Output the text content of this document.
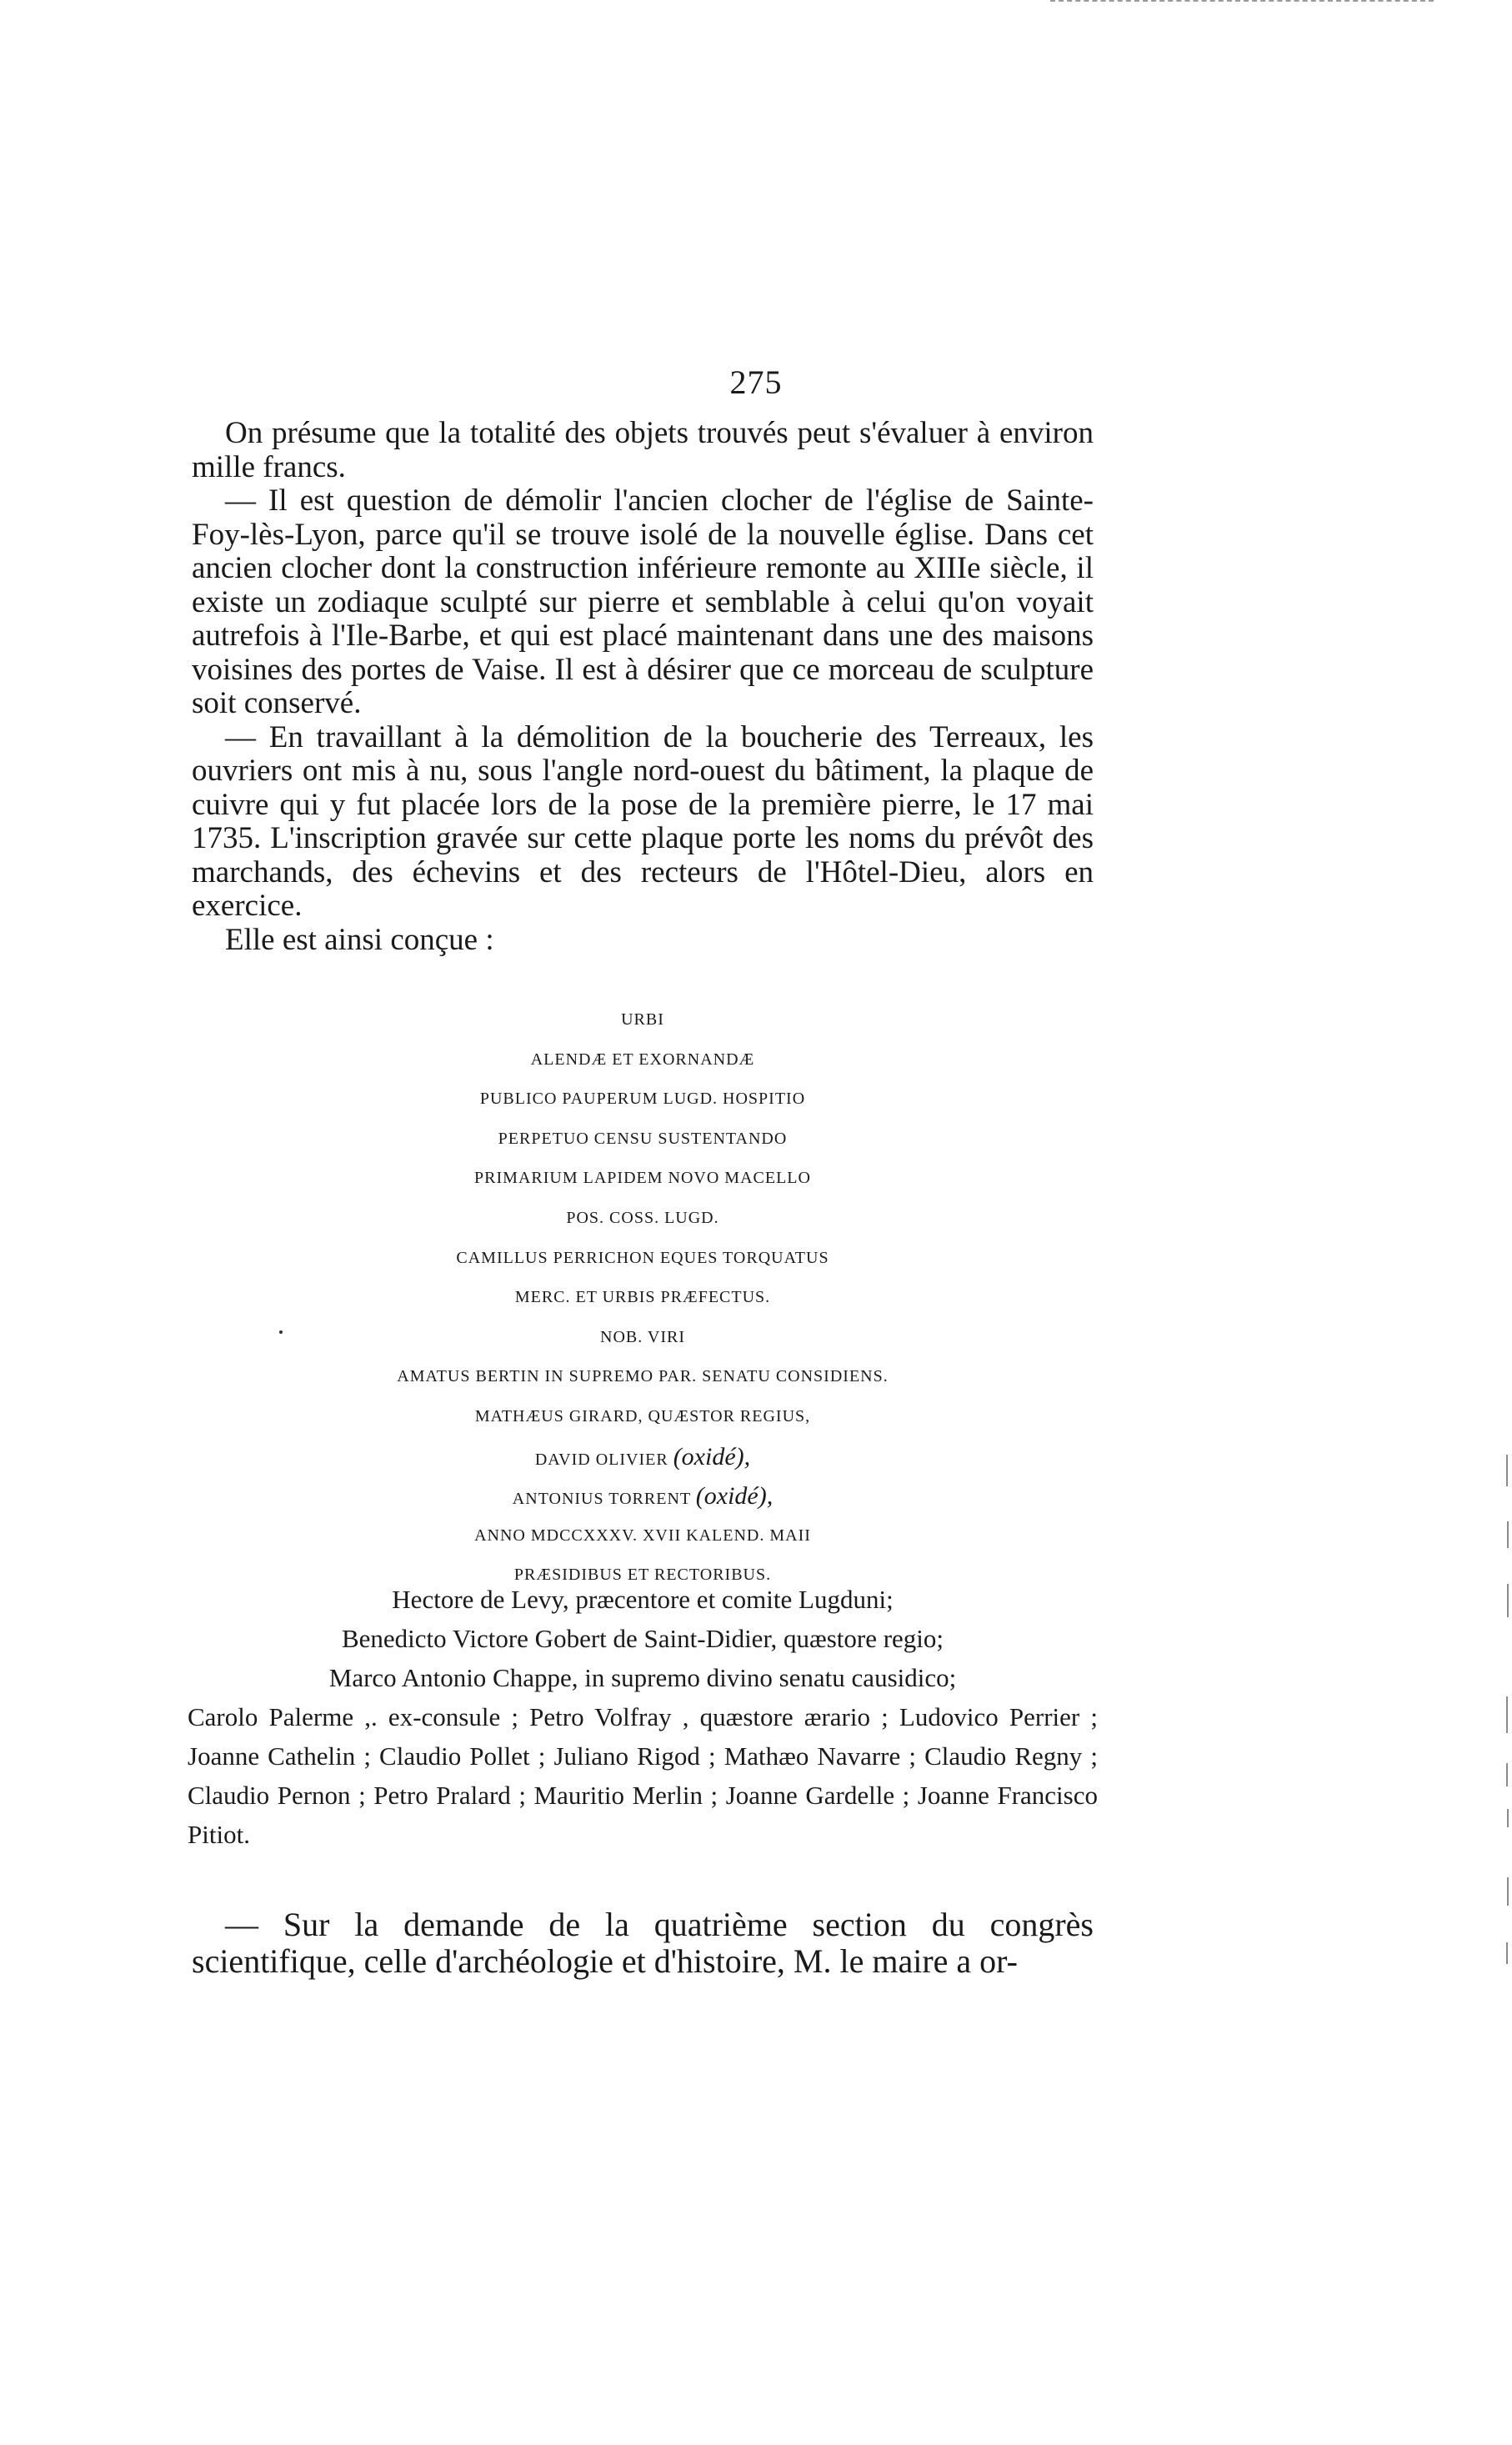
275

On présume que la totalité des objets trouvés peut s'évaluer à environ mille francs.

— Il est question de démolir l'ancien clocher de l'église de Sainte-Foy-lès-Lyon, parce qu'il se trouve isolé de la nouvelle église. Dans cet ancien clocher dont la construction inférieure remonte au XIIIe siècle, il existe un zodiaque sculpté sur pierre et semblable à celui qu'on voyait autrefois à l'Ile-Barbe, et qui est placé maintenant dans une des maisons voisines des portes de Vaise. Il est à désirer que ce morceau de sculpture soit conservé.

— En travaillant à la démolition de la boucherie des Terreaux, les ouvriers ont mis à nu, sous l'angle nord-ouest du bâtiment, la plaque de cuivre qui y fut placée lors de la pose de la première pierre, le 17 mai 1735. L'inscription gravée sur cette plaque porte les noms du prévôt des marchands, des échevins et des recteurs de l'Hôtel-Dieu, alors en exercice.

Elle est ainsi conçue :

URBI
ALENDÆ ET EXORNANDÆ
PUBLICO PAUPERUM LUGD. HOSPITIO
PERPETUO CENSU SUSTENTANDO
PRIMARIUM LAPIDEM NOVO MACELLO
POS. COSS. LUGD.
CAMILLUS PERRICHON EQUES TORQUATUS
MERC. ET URBIS PRÆFECTUS.
NOB. VIRI
AMATUS BERTIN IN SUPREMO PAR. SENATU CONSIDIENS.
MATHÆUS GIRARD, QUÆSTOR REGIUS,
DAVID OLIVIER (oxidé),
ANTONIUS TORRENT (oxidé),
ANNO MDCCXXXV. XVII KALEND. MAII
PRÆSIDIBUS ET RECTORIBUS.
Hectore de Levy, præcentore et comite Lugduni;
Benedicto Victore Gobert de Saint-Didier, quæstore regio;
Marco Antonio Chappe, in supremo divino senatu causidico;
Carolo Palerme ,. ex-consule ; Petro Volfray , quæstore ærario ; Ludovico Perrier ; Joanne Cathelin ; Claudio Pollet ; Juliano Rigod ; Mathæo Navarre ; Claudio Regny ; Claudio Pernon ; Petro Pralard ; Mauritio Merlin ; Joanne Gardelle ; Joanne Francisco Pitiot.

— Sur la demande de la quatrième section du congrès scientifique, celle d'archéologie et d'histoire, M. le maire a or-
